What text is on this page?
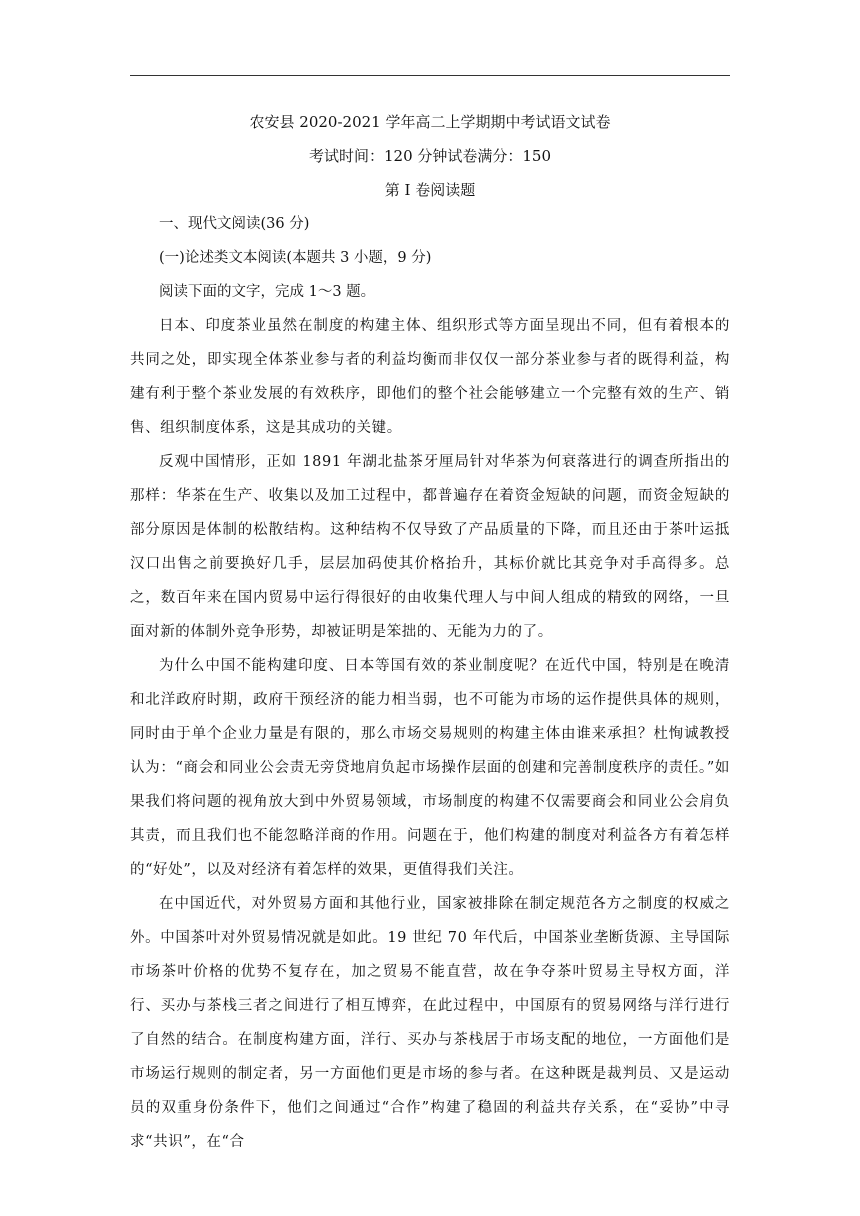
农安县 2020-2021 学年高二上学期期中考试语文试卷

考试时间：120 分钟试卷满分：150

第 I 卷阅读题

一、现代文阅读(36 分)

(一)论述类文本阅读(本题共 3 小题，9 分)

阅读下面的文字，完成 1～3 题。

日本、印度茶业虽然在制度的构建主体、组织形式等方面呈现出不同，但有着根本的共同之处，即实现全体茶业参与者的利益均衡而非仅仅一部分茶业参与者的既得利益，构建有利于整个茶业发展的有效秩序，即他们的整个社会能够建立一个完整有效的生产、销售、组织制度体系，这是其成功的关键。

反观中国情形，正如 1891 年湖北盐茶牙厘局针对华茶为何衰落进行的调查所指出的那样：华茶在生产、收集以及加工过程中，都普遍存在着资金短缺的问题，而资金短缺的部分原因是体制的松散结构。这种结构不仅导致了产品质量的下降，而且还由于茶叶运抵汉口出售之前要换好几手，层层加码使其价格抬升，其标价就比其竞争对手高得多。总之，数百年来在国内贸易中运行得很好的由收集代理人与中间人组成的精致的网络，一旦面对新的体制外竞争形势，却被证明是笨拙的、无能为力的了。

为什么中国不能构建印度、日本等国有效的茶业制度呢？在近代中国，特别是在晚清和北洋政府时期，政府干预经济的能力相当弱，也不可能为市场的运作提供具体的规则，同时由于单个企业力量是有限的，那么市场交易规则的构建主体由谁来承担？杜恂诚教授认为：“商会和同业公会责无旁贷地肩负起市场操作层面的创建和完善制度秩序的责任。”如果我们将问题的视角放大到中外贸易领域，市场制度的构建不仅需要商会和同业公会肩负其责，而且我们也不能忽略洋商的作用。问题在于，他们构建的制度对利益各方有着怎样的“好处”，以及对经济有着怎样的效果，更值得我们关注。

在中国近代，对外贸易方面和其他行业，国家被排除在制定规范各方之制度的权威之外。中国茶叶对外贸易情况就是如此。19 世纪 70 年代后，中国茶业垄断货源、主导国际市场茶叶价格的优势不复存在，加之贸易不能直营，故在争夺茶叶贸易主导权方面，洋行、买办与茶栈三者之间进行了相互博弈，在此过程中，中国原有的贸易网络与洋行进行了自然的结合。在制度构建方面，洋行、买办与茶栈居于市场支配的地位，一方面他们是市场运行规则的制定者，另一方面他们更是市场的参与者。在这种既是裁判员、又是运动员的双重身份条件下，他们之间通过“合作”构建了稳固的利益共存关系，在“妥协”中寻求“共识”，在“合
